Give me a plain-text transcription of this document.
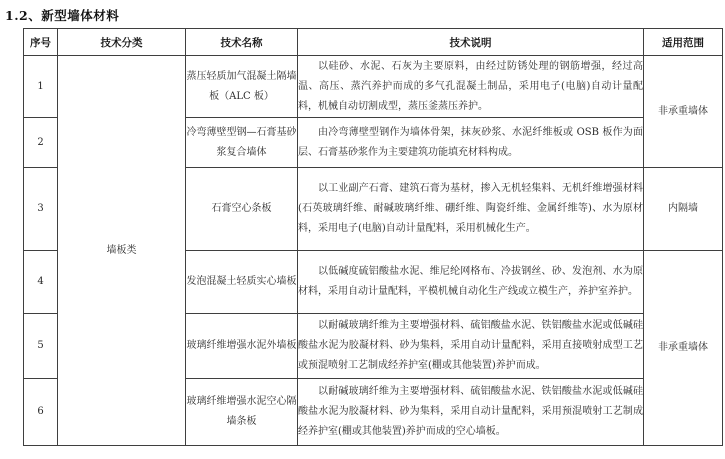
1.2、新型墙体材料
序号	技术分类	技术名称	技术说明	适用范围
1	墙板类	蒸压轻质加气混凝土隔墙板（ALC 板）	以硅砂、水泥、石灰为主要原料，由经过防锈处理的钢筋增强，经过高温、高压、蒸汽养护而成的多气孔混凝土制品，采用电子(电脑)自动计量配料，机械自动切割成型，蒸压釜蒸压养护。	非承重墙体
2		冷弯薄壁型钢—石膏基砂浆复合墙体	由冷弯薄壁型钢作为墙体骨架，抹灰砂浆、水泥纤维板或 OSB 板作为面层、石膏基砂浆作为主要建筑功能填充材料构成。	

3		石膏空心条板	以工业副产石膏、建筑石膏为基材，掺入无机轻集料、无机纤维增强材料(石英玻璃纤维、耐碱玻璃纤维、硼纤维、陶瓷纤维、金属纤维等)、水为原材料，采用电子(电脑)自动计量配料，采用机械化生产。	内隔墙
4		发泡混凝土轻质实心墙板	以低碱度硫铝酸盐水泥、维尼纶网格布、冷拔钢丝、砂、发泡剂、水为原材料，采用自动计量配料，平模机械自动化生产线或立模生产，养护室养护。	非承重墙体
5		玻璃纤维增强水泥外墙板	以耐碱玻璃纤维为主要增强材料、硫铝酸盐水泥、铁铝酸盐水泥或低碱硅酸盐水泥为胶凝材料、砂为集料，采用自动计量配料，采用直接喷射成型工艺或预混喷射工艺制成经养护室(棚或其他装置)养护而成。	

6		玻璃纤维增强水泥空心隔墙条板	以耐碱玻璃纤维为主要增强材料、硫铝酸盐水泥、铁铝酸盐水泥或低碱硅酸盐水泥为胶凝材料、砂为集料，采用自动计量配料，采用预混喷射工艺制成经养护室(棚或其他装置)养护而成的空心墙板。	
